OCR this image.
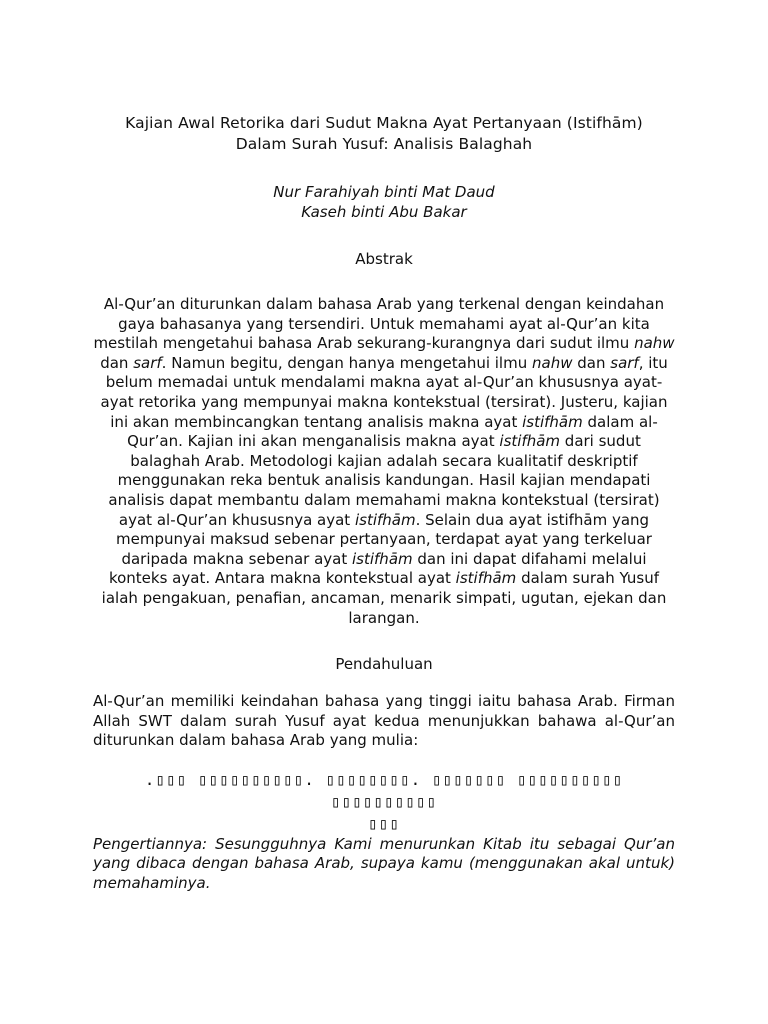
Kajian Awal Retorika dari Sudut Makna Ayat Pertanyaan (Istifhām)
Dalam Surah Yusuf: Analisis Balaghah
Nur Farahiyah binti Mat Daud
Kaseh binti Abu Bakar
Abstrak

Al-Qur’an diturunkan dalam bahasa Arab yang terkenal dengan keindahan gaya bahasanya yang tersendiri. Untuk memahami ayat al-Qur’an kita mestilah mengetahui bahasa Arab sekurang-kurangnya dari sudut ilmu nahw dan sarf. Namun begitu, dengan hanya mengetahui ilmu nahw dan sarf, itu belum memadai untuk mendalami makna ayat al-Qur’an khususnya ayat-ayat retorika yang mempunyai makna kontekstual (tersirat). Justeru, kajian ini akan membincangkan tentang analisis makna ayat istifhām dalam al-Qur’an. Kajian ini akan menganalisis makna ayat istifhām dari sudut balaghah Arab. Metodologi kajian adalah secara kualitatif deskriptif menggunakan reka bentuk analisis kandungan. Hasil kajian mendapati analisis dapat membantu dalam memahami makna kontekstual (tersirat) ayat al-Qur’an khususnya ayat istifhām. Selain dua ayat istifhām yang mempunyai maksud sebenar pertanyaan, terdapat ayat yang terkeluar daripada makna sebenar ayat istifhām dan ini dapat difahami melalui konteks ayat. Antara makna kontekstual ayat istifhām dalam surah Yusuf ialah pengakuan, penafian, ancaman, menarik simpati, ugutan, ejekan dan larangan.

Pendahuluan

Al-Qur’an memiliki keindahan bahasa yang tinggi iaitu bahasa Arab. Firman Allah SWT dalam surah Yusuf ayat kedua menunjukkan bahawa al-Qur’an diturunkan dalam bahasa Arab yang mulia:

.▯▯▯ ▯▯▯▯▯▯▯▯▯▯. ▯▯▯▯▯▯▯▯. ▯▯▯▯▯▯▯ ▯▯▯▯▯▯▯▯▯▯ ▯▯▯▯▯▯▯▯▯▯
▯▯▯

Pengertiannya: Sesungguhnya Kami menurunkan Kitab itu sebagai Qur’an yang dibaca dengan bahasa Arab, supaya kamu (menggunakan akal untuk) memahaminya.
